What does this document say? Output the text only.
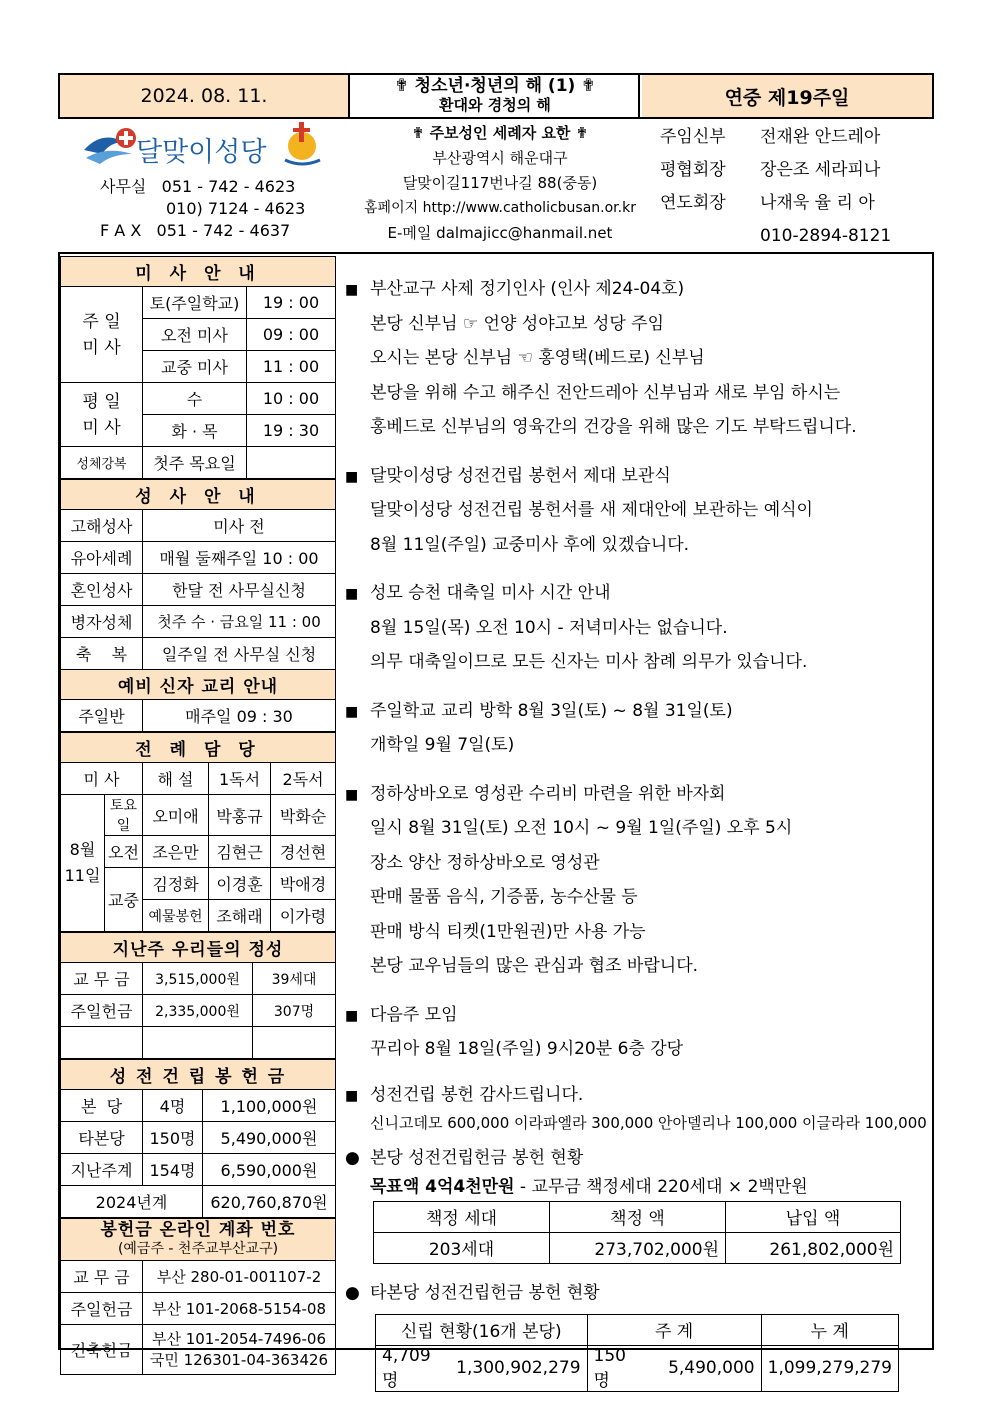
2024. 08. 11.	✟ 청소년·청년의 해 (1) ✟
환대와 경청의 해	연중 제19주일
달맞이성당
사무실 051 - 742 - 4623
010) 7124 - 4623
F A X 051 - 742 - 4637
✟ 주보성인 세례자 요한 ✟
부산광역시 해운대구
달맞이길117번나길 88(중동)
홈페이지 http://www.catholicbusan.or.kr
E-메일 dalmajicc@hanmail.net
주임신부 전재완 안드레아
평협회장 장은조 세라피나
연도회장 나재욱 율 리 아
010-2894-8121
미 사 안 내		
주 일
미 사	토(주일학교)	19 : 00
	오전 미사	09 : 00
	교중 미사	11 : 00
평 일
미 사	수	10 : 00
	화 · 목	19 : 30
성체강복	첫주 목요일	
성 사 안 내	
고해성사	미사 전
유아세례	매월 둘째주일 10 : 00
혼인성사	한달 전 사무실신청
병자성체	첫주 수 · 금요일 11 : 00
축    복	일주일 전 사무실 신청
예비 신자 교리 안내	
주일반	매주일 09 : 30
전 례 담 당				
미 사		해 설	1독서	2독서
8월
11일	토요일	오미애	박홍규	박화순
	오전	조은만	김현근	경선현
	교중	김정화	이경훈	박애경
		예물봉헌	조해래	이가령
지난주 우리들의 정성		
교 무 금	3,515,000원	39세대
주일헌금	2,335,000원	307명

성 전 건 립 봉 헌 금		
본  당	4명	1,100,000원
타본당	150명	5,490,000원
지난주계	154명	6,590,000원
2024년계		620,760,870원
봉헌금 온라인 계좌 번호
(예금주 - 천주교부산교구)	

교 무 금	부산 280-01-001107-2
주일헌금	부산 101-2068-5154-08
건축헌금	부산 101-2054-7496-06
국민 126301-04-363426

■ 부산교구 사제 정기인사 (인사 제24-04호)

본당 신부님 ☞ 언양 성야고보 성당 주임

오시는 본당 신부님 ☜ 홍영택(베드로) 신부님

본당을 위해 수고 해주신 전안드레아 신부님과 새로 부임 하시는

홍베드로 신부님의 영육간의 건강을 위해 많은 기도 부탁드립니다.

■ 달맞이성당 성전건립 봉헌서 제대 보관식

달맞이성당 성전건립 봉헌서를 새 제대안에 보관하는 예식이

8월 11일(주일) 교중미사 후에 있겠습니다.

■ 성모 승천 대축일 미사 시간 안내

8월 15일(목) 오전 10시 - 저녁미사는 없습니다.

의무 대축일이므로 모든 신자는 미사 참례 의무가 있습니다.

■ 주일학교 교리 방학 8월 3일(토) ~ 8월 31일(토)

개학일 9월 7일(토)

■ 정하상바오로 영성관 수리비 마련을 위한 바자회

일시 8월 31일(토) 오전 10시 ~ 9월 1일(주일) 오후 5시

장소 양산 정하상바오로 영성관

판매 물품 음식, 기증품, 농수산물 등

판매 방식 티켓(1만원권)만 사용 가능

본당 교우님들의 많은 관심과 협조 바랍니다.

■ 다음주 모임

꾸리아 8월 18일(주일) 9시20분 6층 강당

■ 성전건립 봉헌 감사드립니다.

신니고데모 600,000 이라파엘라 300,000 안아델리나 100,000 이글라라 100,000

● 본당 성전건립헌금 봉헌 현황

목표액 4억4천만원 - 교무금 책정세대 220세대 × 2백만원

책정 세대	책정 액	납입 액
203세대	273,702,000원	261,802,000원

● 타본당 성전건립헌금 봉헌 현황

신립 현황(16개 본당)		주 계		누 계
4,709명	1,300,902,279	150명	5,490,000	1,099,279,279
